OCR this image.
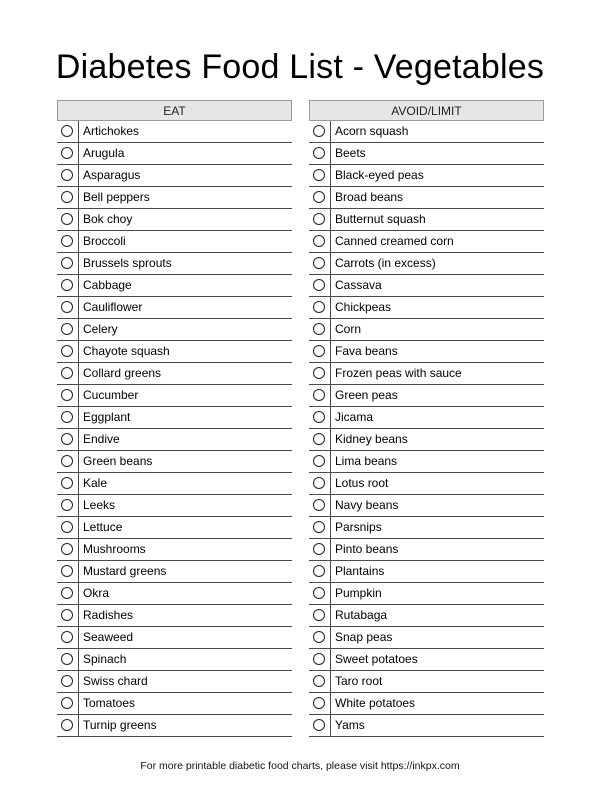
Diabetes Food List - Vegetables
EAT
Artichokes
Arugula
Asparagus
Bell peppers
Bok choy
Broccoli
Brussels sprouts
Cabbage
Cauliflower
Celery
Chayote squash
Collard greens
Cucumber
Eggplant
Endive
Green beans
Kale
Leeks
Lettuce
Mushrooms
Mustard greens
Okra
Radishes
Seaweed
Spinach
Swiss chard
Tomatoes
Turnip greens
AVOID/LIMIT
Acorn squash
Beets
Black-eyed peas
Broad beans
Butternut squash
Canned creamed corn
Carrots (in excess)
Cassava
Chickpeas
Corn
Fava beans
Frozen peas with sauce
Green peas
Jicama
Kidney beans
Lima beans
Lotus root
Navy beans
Parsnips
Pinto beans
Plantains
Pumpkin
Rutabaga
Snap peas
Sweet potatoes
Taro root
White potatoes
Yams
For more printable diabetic food charts, please visit https://inkpx.com
